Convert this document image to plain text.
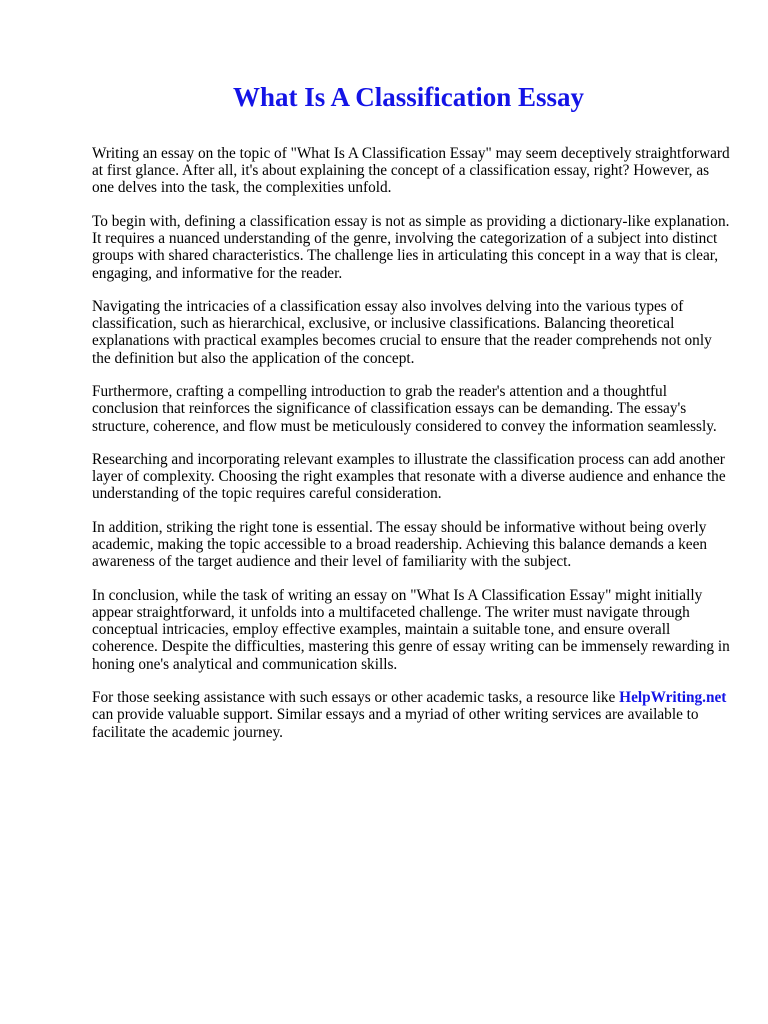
What Is A Classification Essay

Writing an essay on the topic of "What Is A Classification Essay" may seem deceptively straightforward at first glance. After all, it's about explaining the concept of a classification essay, right? However, as one delves into the task, the complexities unfold.

To begin with, defining a classification essay is not as simple as providing a dictionary-like explanation. It requires a nuanced understanding of the genre, involving the categorization of a subject into distinct groups with shared characteristics. The challenge lies in articulating this concept in a way that is clear, engaging, and informative for the reader.

Navigating the intricacies of a classification essay also involves delving into the various types of classification, such as hierarchical, exclusive, or inclusive classifications. Balancing theoretical explanations with practical examples becomes crucial to ensure that the reader comprehends not only the definition but also the application of the concept.

Furthermore, crafting a compelling introduction to grab the reader's attention and a thoughtful conclusion that reinforces the significance of classification essays can be demanding. The essay's structure, coherence, and flow must be meticulously considered to convey the information seamlessly.

Researching and incorporating relevant examples to illustrate the classification process can add another layer of complexity. Choosing the right examples that resonate with a diverse audience and enhance the understanding of the topic requires careful consideration.

In addition, striking the right tone is essential. The essay should be informative without being overly academic, making the topic accessible to a broad readership. Achieving this balance demands a keen awareness of the target audience and their level of familiarity with the subject.

In conclusion, while the task of writing an essay on "What Is A Classification Essay" might initially appear straightforward, it unfolds into a multifaceted challenge. The writer must navigate through conceptual intricacies, employ effective examples, maintain a suitable tone, and ensure overall coherence. Despite the difficulties, mastering this genre of essay writing can be immensely rewarding in honing one's analytical and communication skills.

For those seeking assistance with such essays or other academic tasks, a resource like HelpWriting.net can provide valuable support. Similar essays and a myriad of other writing services are available to facilitate the academic journey.
